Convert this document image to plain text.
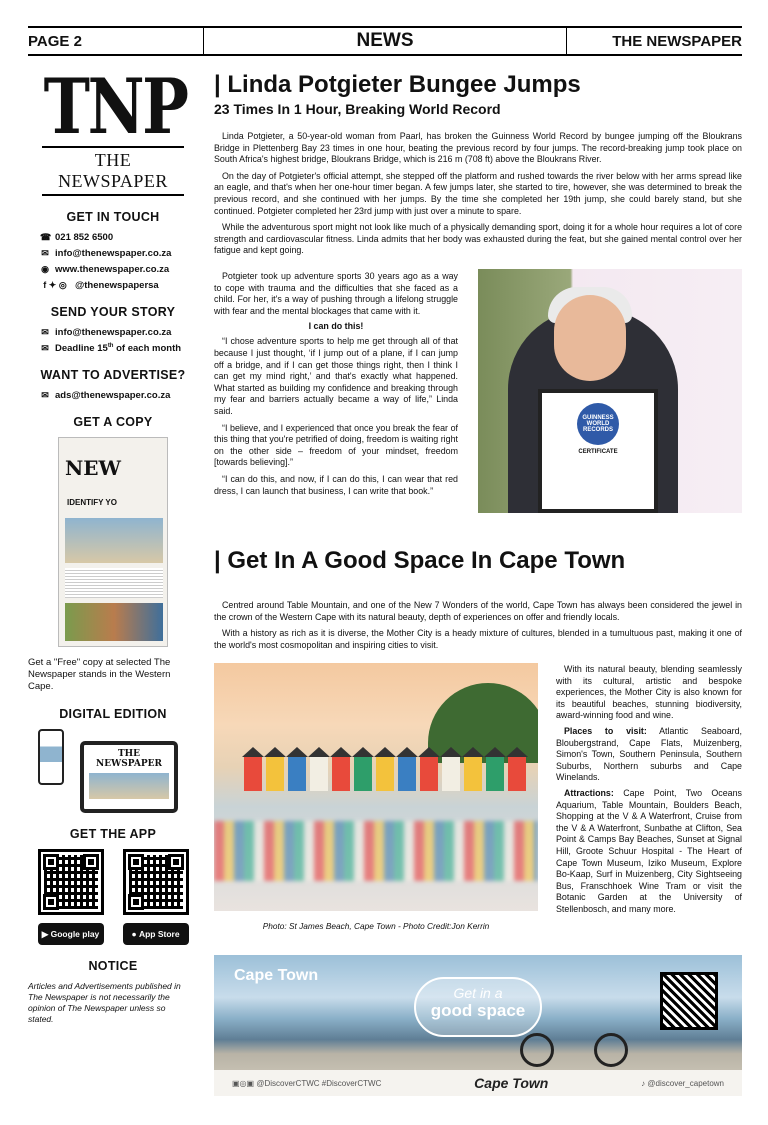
PAGE 2	NEWS	THE NEWSPAPER
TNP
THE NEWSPAPER
GET IN TOUCH
☎ 021 852 6500
✉ info@thenewspaper.co.za
◉ www.thenewspaper.co.za
f ✦ ◎ @thenewspapersa
SEND YOUR STORY
✉ info@thenewspaper.co.za
✉ Deadline 15th of each month
WANT TO ADVERTISE?
✉ ads@thenewspaper.co.za
GET A COPY
NEW
IDENTIFY YO
Get a "Free" copy at selected The Newspaper stands in the Western Cape.
DIGITAL EDITION
THE NEWSPAPER
GET THE APP
▶ Google play	● App Store
NOTICE
Articles and Advertisements published in The Newspaper is not necessarily the opinion of The Newspaper unless so stated.
| Linda Potgieter Bungee Jumps
23 Times In 1 Hour, Breaking World Record
Linda Potgieter, a 50-year-old woman from Paarl, has broken the Guinness World Record by bungee jumping off the Bloukrans Bridge in Plettenberg Bay 23 times in one hour, beating the previous record by four jumps. The record-breaking jump took place on South Africa's highest bridge, Bloukrans Bridge, which is 216 m (708 ft) above the Bloukrans River.
On the day of Potgieter's official attempt, she stepped off the platform and rushed towards the river below with her arms spread like an eagle, and that's when her one-hour timer began. A few jumps later, she started to tire, however, she was determined to break the previous record, and she continued with her jumps. By the time she completed her 19th jump, she could barely stand, but she continued. Potgieter completed her 23rd jump with just over a minute to spare.
While the adventurous sport might not look like much of a physically demanding sport, doing it for a whole hour requires a lot of core strength and cardiovascular fitness. Linda admits that her body was exhausted during the feat, but she gained mental control over her fatigue and kept going.
Potgieter took up adventure sports 30 years ago as a way to cope with trauma and the difficulties that she faced as a child. For her, it's a way of pushing through a lifelong struggle with fear and the mental blockages that came with it.
I can do this!
“I chose adventure sports to help me get through all of that because I just thought, ‘if I jump out of a plane, if I can jump off a bridge, and if I can get those things right, then I think I can get my mind right,’ and that's exactly what happened. What started as building my confidence and breaking through my fear and barriers actually became a way of life,” Linda said.
“I believe, and I experienced that once you break the fear of this thing that you're petrified of doing, freedom is waiting right on the other side – freedom of your mindset, freedom [towards believing].”
“I can do this, and now, if I can do this, I can wear that red dress, I can launch that business, I can write that book.”
GUINNESS WORLD RECORDS
CERTIFICATE
| Get In A Good Space In Cape Town
Centred around Table Mountain, and one of the New 7 Wonders of the world, Cape Town has always been considered the jewel in the crown of the Western Cape with its natural beauty, depth of experiences on offer and friendly locals.
With a history as rich as it is diverse, the Mother City is a heady mixture of cultures, blended in a tumultuous past, making it one of the world's most cosmopolitan and inspiring cities to visit.
Photo: St James Beach, Cape Town - Photo Credit:Jon Kerrin
With its natural beauty, blending seamlessly with its cultural, artistic and bespoke experiences, the Mother City is also known for its beautiful beaches, stunning biodiversity, award-winning food and wine.
Places to visit: Atlantic Seaboard, Bloubergstrand, Cape Flats, Muizenberg, Simon's Town, Southern Peninsula, Southern Suburbs, Northern suburbs and Cape Winelands.
Attractions: Cape Point, Two Oceans Aquarium, Table Mountain, Boulders Beach, Shopping at the V & A Waterfront, Cruise from the V & A Waterfront, Sunbathe at Clifton, Sea Point & Camps Bay Beaches, Sunset at Signal Hill, Groote Schuur Hospital - The Heart of Cape Town Museum, Iziko Museum, Explore Bo-Kaap, Surf in Muizenberg, City Sightseeing Bus, Franschhoek Wine Tram or visit the Botanic Garden at the University of Stellenbosch, and many more.
Cape Town
Get in a
good space
▣◎▣ @DiscoverCTWC #DiscoverCTWC	Cape Town	♪ @discover_capetown
